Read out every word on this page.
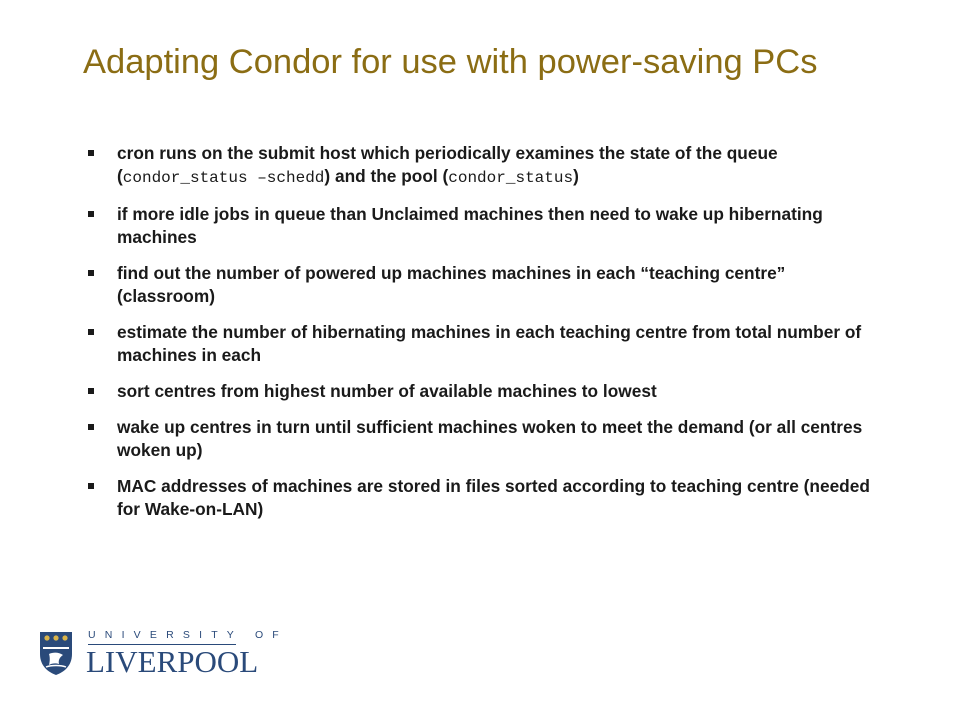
Adapting Condor for use with power-saving PCs
cron runs on the submit host which periodically examines the state of the queue (condor_status –schedd) and the pool (condor_status)
if more idle jobs in queue than Unclaimed machines then need to wake up hibernating machines
find out the number of powered up machines machines in each “teaching centre” (classroom)
estimate the number of hibernating machines in each teaching centre from total number of machines in each
sort centres from highest number of available machines to lowest
wake up centres in turn until sufficient machines woken to meet the demand (or all centres woken up)
MAC addresses of machines are stored in files sorted according to teaching centre (needed for Wake-on-LAN)
UNIVERSITY OF
LIVERPOOL
